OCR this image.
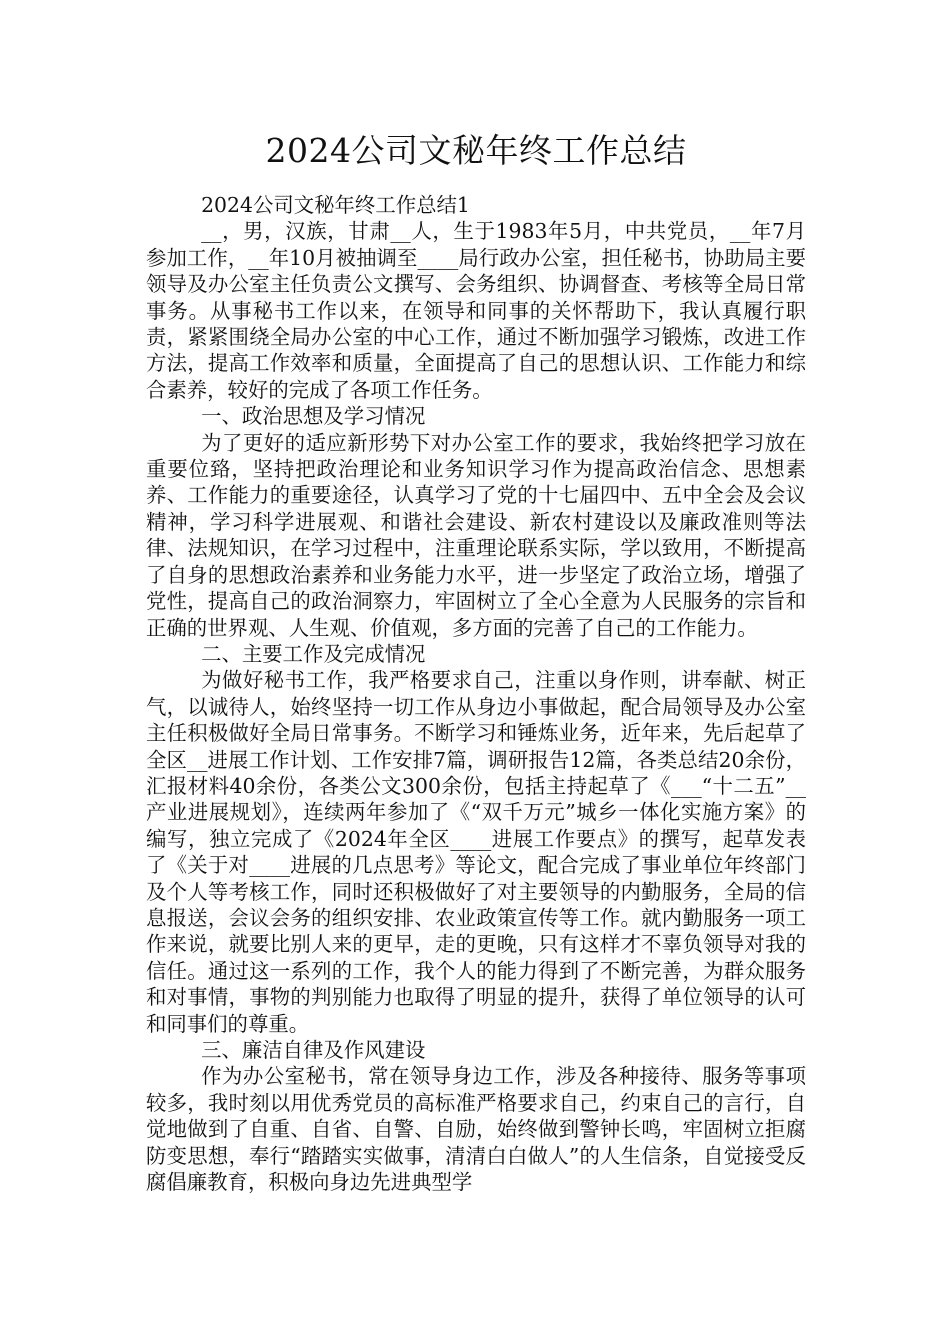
2024公司文秘年终工作总结

2024公司文秘年终工作总结1

__，男，汉族，甘肃__人，生于1983年5月，中共党员，__年7月参加工作，__年10月被抽调至____局行政办公室，担任秘书，协助局主要领导及办公室主任负责公文撰写、会务组织、协调督查、考核等全局日常事务。从事秘书工作以来，在领导和同事的关怀帮助下，我认真履行职责，紧紧围绕全局办公室的中心工作，通过不断加强学习锻炼，改进工作方法，提高工作效率和质量，全面提高了自己的思想认识、工作能力和综合素养，较好的完成了各项工作任务。

一、政治思想及学习情况

为了更好的适应新形势下对办公室工作的要求，我始终把学习放在重要位臵，坚持把政治理论和业务知识学习作为提高政治信念、思想素养、工作能力的重要途径，认真学习了党的十七届四中、五中全会及会议精神，学习科学进展观、和谐社会建设、新农村建设以及廉政准则等法律、法规知识，在学习过程中，注重理论联系实际，学以致用，不断提高了自身的思想政治素养和业务能力水平，进一步坚定了政治立场，增强了党性，提高自己的政治洞察力，牢固树立了全心全意为人民服务的宗旨和正确的世界观、人生观、价值观，多方面的完善了自己的工作能力。

二、主要工作及完成情况

为做好秘书工作，我严格要求自己，注重以身作则，讲奉献、树正气，以诚待人，始终坚持一切工作从身边小事做起，配合局领导及办公室主任积极做好全局日常事务。不断学习和锤炼业务，近年来，先后起草了全区__进展工作计划、工作安排7篇，调研报告12篇，各类总结20余份，汇报材料40余份，各类公文300余份，包括主持起草了《___“十二五”__产业进展规划》，连续两年参加了《“双千万元”城乡一体化实施方案》的编写，独立完成了《2024年全区____进展工作要点》的撰写，起草发表了《关于对____进展的几点思考》等论文，配合完成了事业单位年终部门及个人等考核工作，同时还积极做好了对主要领导的内勤服务，全局的信息报送，会议会务的组织安排、农业政策宣传等工作。就内勤服务一项工作来说，就要比别人来的更早，走的更晚，只有这样才不辜负领导对我的信任。通过这一系列的工作，我个人的能力得到了不断完善，为群众服务和对事情，事物的判别能力也取得了明显的提升，获得了单位领导的认可和同事们的尊重。

三、廉洁自律及作风建设

作为办公室秘书，常在领导身边工作，涉及各种接待、服务等事项较多，我时刻以用优秀党员的高标准严格要求自己，约束自己的言行，自觉地做到了自重、自省、自警、自励，始终做到警钟长鸣，牢固树立拒腐防变思想，奉行“踏踏实实做事，清清白白做人”的人生信条，自觉接受反腐倡廉教育，积极向身边先进典型学
